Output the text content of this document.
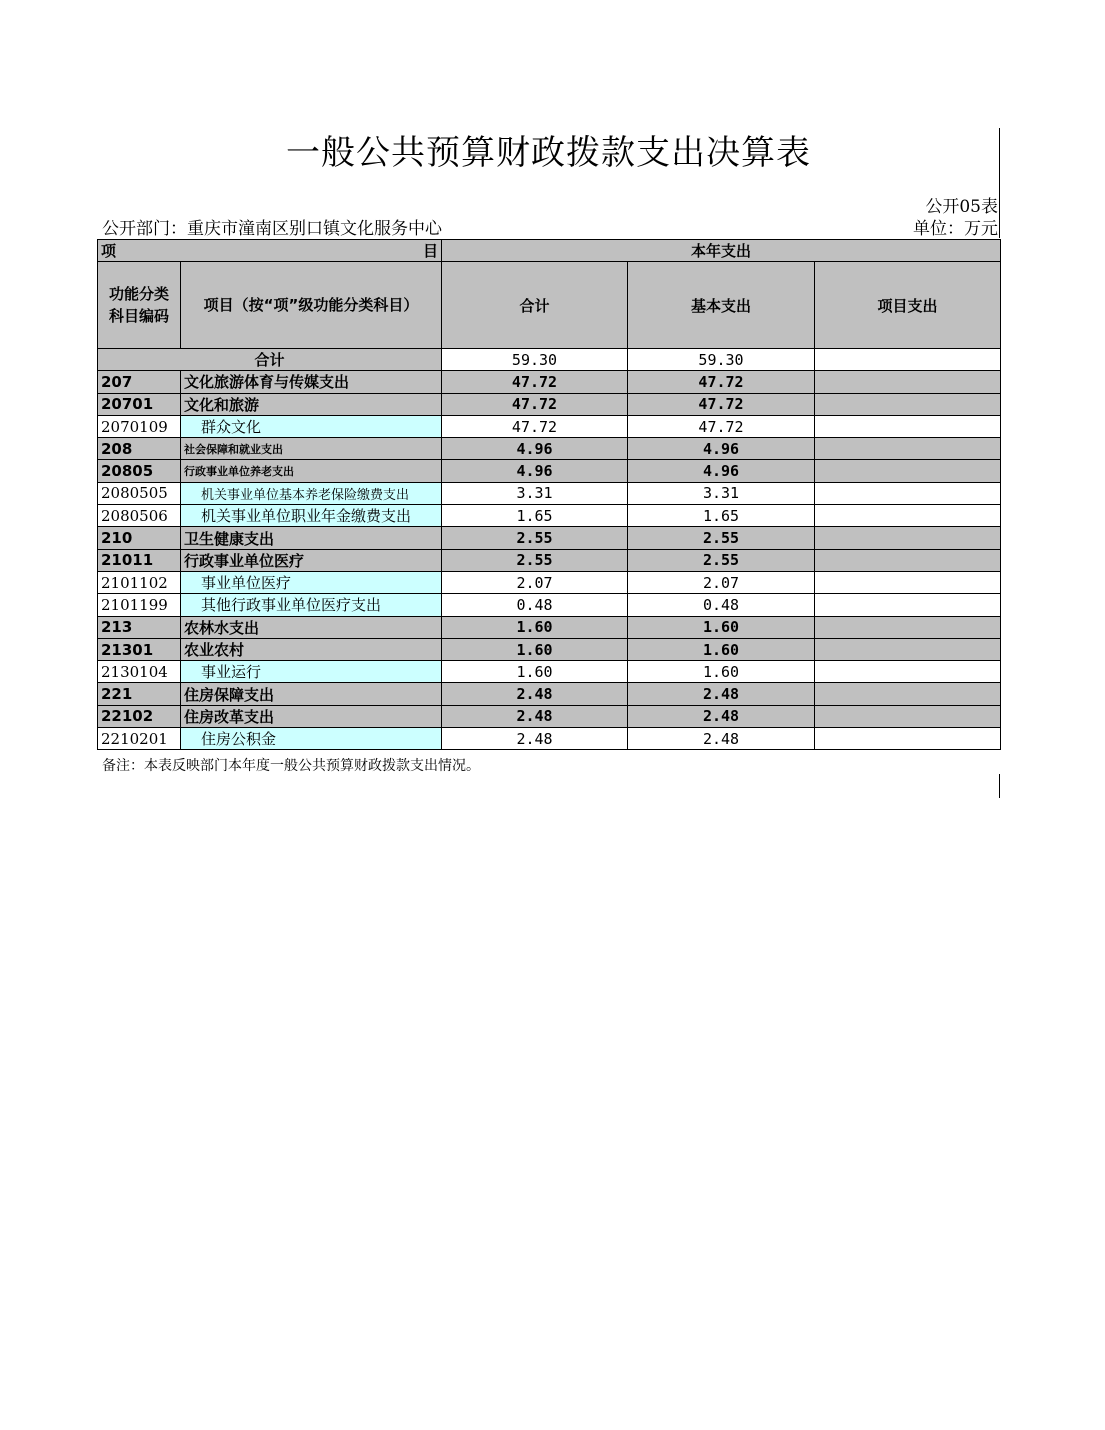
一般公共预算财政拨款支出决算表
公开05表
公开部门：重庆市潼南区别口镇文化服务中心	单位：万元
项 目		本年支出		
功能分类科目编码	项目（按“项”级功能分类科目）	合计	基本支出	项目支出
合计		59.30	59.30	
207	文化旅游体育与传媒支出	47.72	47.72	
20701	文化和旅游	47.72	47.72	
2070109	群众文化	47.72	47.72	
208	社会保障和就业支出	4.96	4.96	
20805	行政事业单位养老支出	4.96	4.96	
2080505	机关事业单位基本养老保险缴费支出	3.31	3.31	
2080506	机关事业单位职业年金缴费支出	1.65	1.65	
210	卫生健康支出	2.55	2.55	
21011	行政事业单位医疗	2.55	2.55	
2101102	事业单位医疗	2.07	2.07	
2101199	其他行政事业单位医疗支出	0.48	0.48	
213	农林水支出	1.60	1.60	
21301	农业农村	1.60	1.60	
2130104	事业运行	1.60	1.60	
221	住房保障支出	2.48	2.48	
22102	住房改革支出	2.48	2.48	
2210201	住房公积金	2.48	2.48	
备注：本表反映部门本年度一般公共预算财政拨款支出情况。
